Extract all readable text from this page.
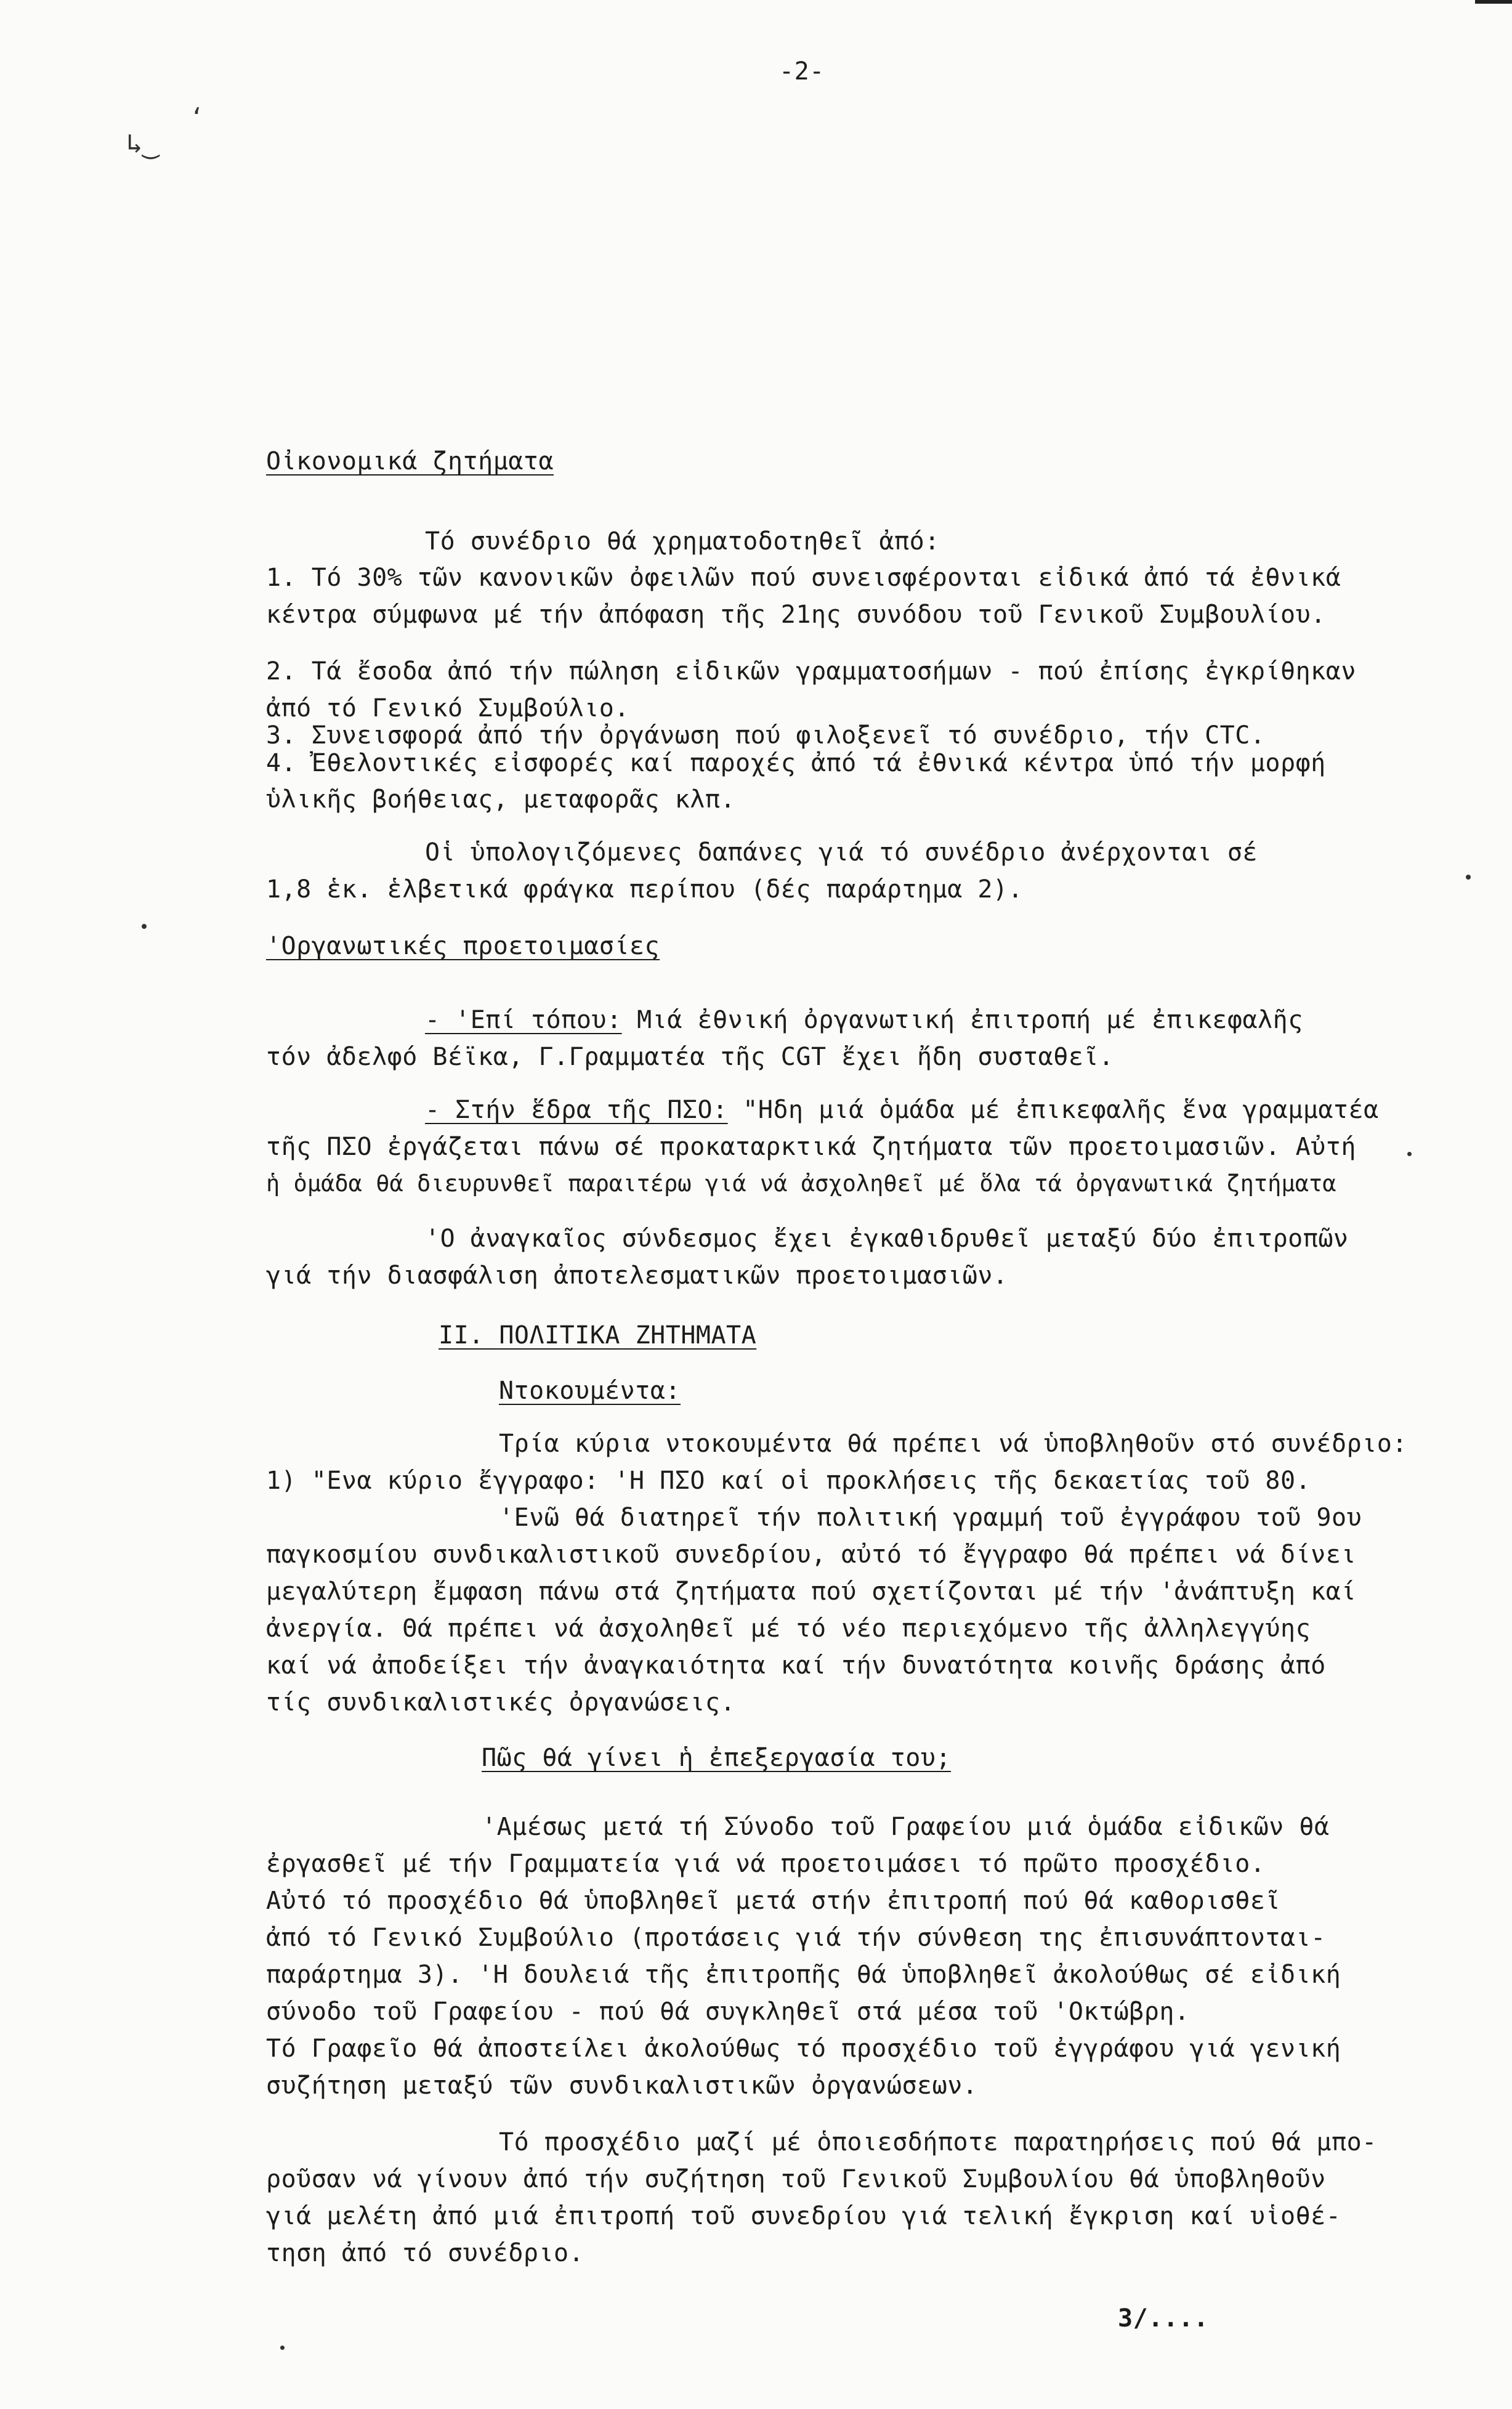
ʻ
↳‿
-2-
Οἰκονομικά ζητήματα
Τό συνέδριο θά χρηματοδοτηθεῖ ἀπό:
1. Τό 30% τῶν κανονικῶν ὀφειλῶν πού συνεισφέρονται εἰδικά ἀπό τά ἐθνικά
κέντρα σύμφωνα μέ τήν ἀπόφαση τῆς 21ης συνόδου τοῦ Γενικοῦ Συμβουλίου.
2. Τά ἔσοδα ἀπό τήν πώληση εἰδικῶν γραμματοσήμων - πού ἐπίσης ἐγκρίθηκαν
ἀπό τό Γενικό Συμβούλιο.
3. Συνεισφορά ἀπό τήν ὀργάνωση πού φιλοξενεῖ τό συνέδριο, τήν CTC.
4. Ἐθελοντικές εἰσφορές καί παροχές ἀπό τά ἐθνικά κέντρα ὑπό τήν μορφή
ὑλικῆς βοήθειας, μεταφορᾶς κλπ.
Οἱ ὑπολογιζόμενες δαπάνες γιά τό συνέδριο ἀνέρχονται σέ
1,8 ἑκ. ἑλβετικά φράγκα περίπου (δές παράρτημα 2).
'Οργανωτικές προετοιμασίες
- 'Επί τόπου: Μιά ἐθνική ὀργανωτική ἐπιτροπή μέ ἐπικεφαλῆς
τόν ἀδελφό Βέϊκα, Γ.Γραμματέα τῆς CGT ἔχει ἤδη συσταθεῖ.
- Στήν ἕδρα τῆς ΠΣΟ: "Ηδη μιά ὁμάδα μέ ἐπικεφαλῆς ἕνα γραμματέα
τῆς ΠΣΟ ἐργάζεται πάνω σέ προκαταρκτικά ζητήματα τῶν προετοιμασιῶν. Αὐτή
ἡ ὁμάδα θά διευρυνθεῖ παραιτέρω γιά νά ἀσχοληθεῖ μέ ὅλα τά ὀργανωτικά ζητήματα
'Ο ἀναγκαῖος σύνδεσμος ἔχει ἐγκαθιδρυθεῖ μεταξύ δύο ἐπιτροπῶν
γιά τήν διασφάλιση ἀποτελεσματικῶν προετοιμασιῶν.
II. ΠΟΛΙΤΙΚΑ ΖΗΤΗΜΑΤΑ
Ντοκουμέντα:
Τρία κύρια ντοκουμέντα θά πρέπει νά ὑποβληθοῦν στό συνέδριο:
1) "Ενα κύριο ἔγγραφο: 'Η ΠΣΟ καί οἱ προκλήσεις τῆς δεκαετίας τοῦ 80.
'Ενῶ θά διατηρεῖ τήν πολιτική γραμμή τοῦ ἐγγράφου τοῦ 9ου
παγκοσμίου συνδικαλιστικοῦ συνεδρίου, αὐτό τό ἔγγραφο θά πρέπει νά δίνει
μεγαλύτερη ἔμφαση πάνω στά ζητήματα πού σχετίζονται μέ τήν 'ἀνάπτυξη καί
ἀνεργία. Θά πρέπει νά ἀσχοληθεῖ μέ τό νέο περιεχόμενο τῆς ἀλληλεγγύης
καί νά ἀποδείξει τήν ἀναγκαιότητα καί τήν δυνατότητα κοινῆς δράσης ἀπό
τίς συνδικαλιστικές ὀργανώσεις.
Πῶς θά γίνει ἡ ἐπεξεργασία του;
'Αμέσως μετά τή Σύνοδο τοῦ Γραφείου μιά ὁμάδα εἰδικῶν θά
ἐργασθεῖ μέ τήν Γραμματεία γιά νά προετοιμάσει τό πρῶτο προσχέδιο.
Αὐτό τό προσχέδιο θά ὑποβληθεῖ μετά στήν ἐπιτροπή πού θά καθορισθεῖ
ἀπό τό Γενικό Συμβούλιο (προτάσεις γιά τήν σύνθεση της ἐπισυνάπτονται-
παράρτημα 3). 'Η δουλειά τῆς ἐπιτροπῆς θά ὑποβληθεῖ ἀκολούθως σέ εἰδική
σύνοδο τοῦ Γραφείου - πού θά συγκληθεῖ στά μέσα τοῦ 'Οκτώβρη.
Τό Γραφεῖο θά ἀποστείλει ἀκολούθως τό προσχέδιο τοῦ ἐγγράφου γιά γενική
συζήτηση μεταξύ τῶν συνδικαλιστικῶν ὀργανώσεων.
Τό προσχέδιο μαζί μέ ὁποιεσδήποτε παρατηρήσεις πού θά μπο-
ροῦσαν νά γίνουν ἀπό τήν συζήτηση τοῦ Γενικοῦ Συμβουλίου θά ὑποβληθοῦν
γιά μελέτη ἀπό μιά ἐπιτροπή τοῦ συνεδρίου γιά τελική ἔγκριση καί υἱοθέ-
τηση ἀπό τό συνέδριο.
3/....
